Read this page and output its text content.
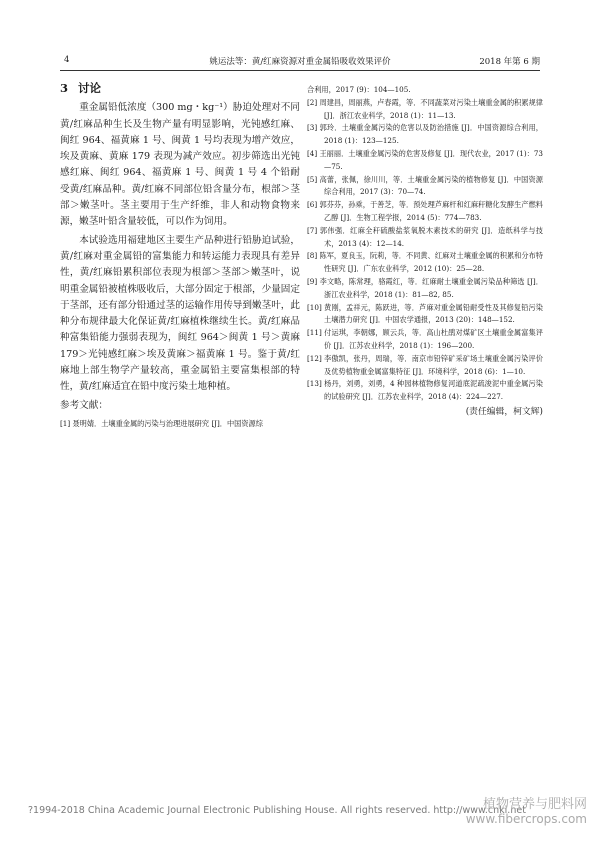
4	姚运法等：黄/红麻资源对重金属铅吸收效果评价	2018 年第 6 期
3 讨论

重金属铅低浓度（300 mg・kg⁻¹）胁迫处理对不同黄/红麻品种生长及生物产量有明显影响，光钝感红麻、闽红 964、福黄麻 1 号、闽黄 1 号均表现为增产效应，埃及黄麻、黄麻 179 表现为减产效应。初步筛选出光钝感红麻、闽红 964、福黄麻 1 号、闽黄 1 号 4 个铅耐受黄/红麻品种。黄/红麻不同部位铅含量分布，根部＞茎部＞嫩茎叶。茎主要用于生产纤维，非人和动物食物来源，嫩茎叶铅含量较低，可以作为饲用。

本试验选用福建地区主要生产品种进行铅胁迫试验，黄/红麻对重金属铅的富集能力和转运能力表现具有差异性，黄/红麻铅累积部位表现为根部＞茎部＞嫩茎叶，说明重金属铅被植株吸收后，大部分固定于根部，少量固定于茎部，还有部分铅通过茎的运输作用传导到嫩茎叶，此种分布规律最大化保证黄/红麻植株继续生长。黄/红麻品种富集铅能力强弱表现为，闽红 964＞闽黄 1 号＞黄麻 179＞光钝感红麻＞埃及黄麻＞福黄麻 1 号。鉴于黄/红麻地上部生物学产量较高，重金属铅主要富集根部的特性，黄/红麻适宜在铅中度污染土地种植。

参考文献：

[1] 聂明婧．土壤重金属的污染与治理进展研究 [J]．中国资源综

合利用，2017 (9)：104—105.

[2] 周建昌，周丽燕，卢春霞，等．不同蔬菜对污染土壤重金属的积累规律 [J]．浙江农业科学，2018 (1)：11—13.

[3] 郭玲．土壤重金属污染的危害以及防治措施 [J]．中国资源综合利用，2018 (1)：123—125.

[4] 王丽丽．土壤重金属污染的危害及修复 [J]．现代农业，2017 (1)：73—75.

[5] 高蕾，张佩，徐川川，等．土壤重金属污染的植物修复 [J]．中国资源综合利用，2017 (3)：70—74.

[6] 郭芬芬，孙乘，于善芝，等．预处理芦麻杆和红麻秆糖化发酵生产燃料乙醇 [J]．生物工程学报，2014 (5)：774—783.

[7] 郭伟强．红麻全秆硫酸盐浆氧脱木素技术的研究 [J]．造纸科学与技术，2013 (4)：12—14.

[8] 陈军，夏良玉，阮莉，等．不同黄、红麻对土壤重金属的积累和分布特性研究 [J]．广东农业科学，2012 (10)：25—28.

[9] 李文略，陈常理，骆霞红，等．红麻耐土壤重金属污染品种筛选 [J]．浙江农业科学，2018 (1)：81—82, 85.

[10] 黄刚，孟祥元，陈跃进，等．芦麻对重金属铅耐受性及其修复铅污染土壤潜力研究 [J]．中国农学通报，2013 (20)：148—152.

[11] 付运琪，李朝娜，顾云兵，等．高山杜鹃对煤矿区土壤重金属富集评价 [J]．江苏农业科学，2018 (1)：196—200.

[12] 李傲凯，张丹，周瑞，等．南京市铅锌矿采矿场土壤重金属污染评价及优势植物重金属富集特征 [J]．环境科学，2018 (6)：1—10.

[13] 杨丹，刘勇，刘勇，4 种园林植物修复河道底泥疏浚泥中重金属污染的试验研究 [J]．江苏农业科学，2018 (4)：224—227.

(责任编辑，柯文辉)
?1994-2018 China Academic Journal Electronic Publishing House. All rights reserved. http://www.cnki.net
植物营养与肥料网
www.fibercrops.com
